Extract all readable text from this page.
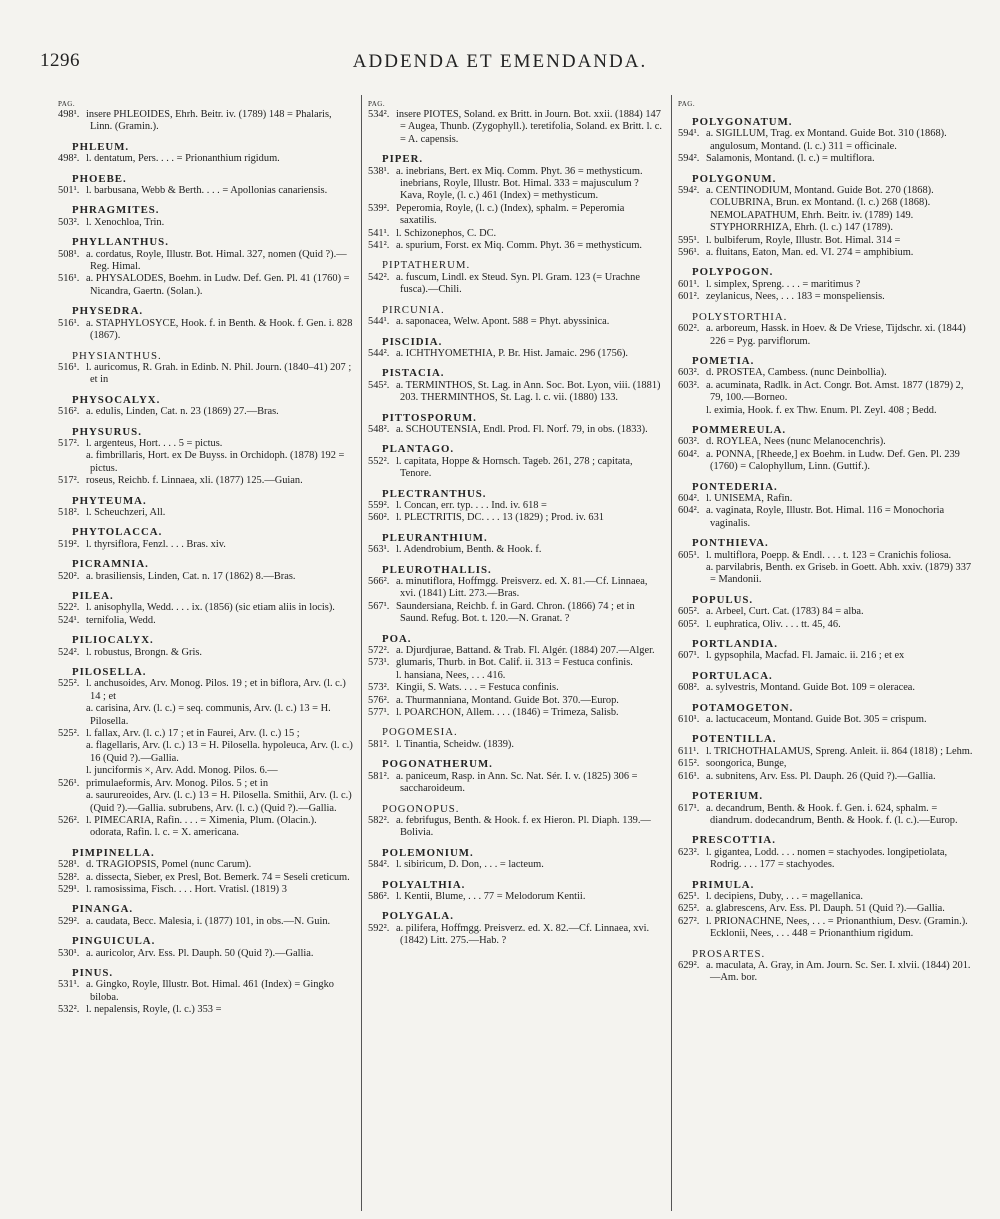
1296	ADDENDA ET EMENDANDA.
PAG.
498¹. insere PHLEOIDES, Ehrh. Beitr. iv. (1789) 148 = Phalaris, Linn. (Gramin.).
PHLEUM.
498². l. dentatum, Pers. . . . = Prionanthium rigidum.
PHOEBE.
501¹. l. barbusana, Webb & Berth. . . . = Apollonias canariensis.
PHRAGMITES.
503². l. Xenochloa, Trin.
PHYLLANTHUS.
508¹. a. cordatus, Royle, Illustr. Bot. Himal. 327, nomen (Quid ?).—Reg. Himal.
516¹. a. PHYSALODES, Boehm. in Ludw. Def. Gen. Pl. 41 (1760) = Nicandra, Gaertn. (Solan.).
PHYSEDRA.
516¹. a. STAPHYLOSYCE, Hook. f. in Benth. & Hook. f. Gen. i. 828 (1867).
PHYSIANTHUS.
516¹. l. auricomus, R. Grah. in Edinb. N. Phil. Journ. (1840–41) 207 ; et in
PHYSOCALYX.
516². a. edulis, Linden, Cat. n. 23 (1869) 27.—Bras.
PHYSURUS.
517². l. argenteus, Hort. . . . 5 = pictus.
a. fimbrillaris, Hort. ex De Buyss. in Orchidoph. (1878) 192 = pictus.
517². roseus, Reichb. f. Linnaea, xli. (1877) 125.—Guian.
PHYTEUMA.
518². l. Scheuchzeri, All.
PHYTOLACCA.
519². l. thyrsiflora, Fenzl. . . . Bras. xiv.
PICRAMNIA.
520². a. brasiliensis, Linden, Cat. n. 17 (1862) 8.—Bras.
PILEA.
522². l. anisophylla, Wedd. . . . ix. (1856) (sic etiam aliis in locis).
524¹. ternifolia, Wedd.
PILIOCALYX.
524². l. robustus, Brongn. & Gris.
PILOSELLA.
525². l. anchusoides, Arv. Monog. Pilos. 19 ; et in biflora, Arv. (l. c.) 14 ; et
a. carisina, Arv. (l. c.) = seq. communis, Arv. (l. c.) 13 = H. Pilosella.
525². l. fallax, Arv. (l. c.) 17 ; et in Faurei, Arv. (l. c.) 15 ;
a. flagellaris, Arv. (l. c.) 13 = H. Pilosella. hypoleuca, Arv. (l. c.) 16 (Quid ?).—Gallia.
l. junciformis ×, Arv. Add. Monog. Pilos. 6.—
526¹. primulaeformis, Arv. Monog. Pilos. 5 ; et in
a. saurureoides, Arv. (l. c.) 13 = H. Pilosella. Smithii, Arv. (l. c.) (Quid ?).—Gallia. subrubens, Arv. (l. c.) (Quid ?).—Gallia.
526². l. PIMECARIA, Rafin. . . . = Ximenia, Plum. (Olacin.). odorata, Rafin. l. c. = X. americana.
PIMPINELLA.
528¹. d. TRAGIOPSIS, Pomel (nunc Carum).
528². a. dissecta, Sieber, ex Presl, Bot. Bemerk. 74 = Seseli creticum.
529¹. l. ramosissima, Fisch. . . . Hort. Vratisl. (1819) 3
PINANGA.
529². a. caudata, Becc. Malesia, i. (1877) 101, in obs.—N. Guin.
PINGUICULA.
530¹. a. auricolor, Arv. Ess. Pl. Dauph. 50 (Quid ?).—Gallia.
PINUS.
531¹. a. Gingko, Royle, Illustr. Bot. Himal. 461 (Index) = Gingko biloba.
532². l. nepalensis, Royle, (l. c.) 353 =
PAG.
534². insere PIOTES, Soland. ex Britt. in Journ. Bot. xxii. (1884) 147 = Augea, Thunb. (Zygophyll.). teretifolia, Soland. ex Britt. l. c. = A. capensis.
PIPER.
538¹. a. inebrians, Bert. ex Miq. Comm. Phyt. 36 = methysticum. inebrians, Royle, Illustr. Bot. Himal. 333 = majusculum ? Kava, Royle, (l. c.) 461 (Index) = methysticum.
539². Peperomia, Royle, (l. c.) (Index), sphalm. = Peperomia saxatilis.
541¹. l. Schizonephos, C. DC.
541². a. spurium, Forst. ex Miq. Comm. Phyt. 36 = methysticum.
PIPTATHERUM.
542². a. fuscum, Lindl. ex Steud. Syn. Pl. Gram. 123 (= Urachne fusca).—Chili.
PIRCUNIA.
544¹. a. saponacea, Welw. Apont. 588 = Phyt. abyssinica.
PISCIDIA.
544². a. ICHTHYOMETHIA, P. Br. Hist. Jamaic. 296 (1756).
PISTACIA.
545². a. TERMINTHOS, St. Lag. in Ann. Soc. Bot. Lyon, viii. (1881) 203. THERMINTHOS, St. Lag. l. c. vii. (1880) 133.
PITTOSPORUM.
548². a. SCHOUTENSIA, Endl. Prod. Fl. Norf. 79, in obs. (1833).
PLANTAGO.
552². l. capitata, Hoppe & Hornsch. Tageb. 261, 278 ; capitata, Tenore.
PLECTRANTHUS.
559². l. Concan, err. typ. . . . Ind. iv. 618 =
560². l. PLECTRITIS, DC. . . . 13 (1829) ; Prod. iv. 631
PLEURANTHIUM.
563¹. l. Adendrobium, Benth. & Hook. f.
PLEUROTHALLIS.
566². a. minutiflora, Hoffmgg. Preisverz. ed. X. 81.—Cf. Linnaea, xvi. (1841) Litt. 273.—Bras.
567¹. Saundersiana, Reichb. f. in Gard. Chron. (1866) 74 ; et in Saund. Refug. Bot. t. 120.—N. Granat. ?
POA.
572². a. Djurdjurae, Battand. & Trab. Fl. Algér. (1884) 207.—Alger.
573¹. glumaris, Thurb. in Bot. Calif. ii. 313 = Festuca confinis.
l. hansiana, Nees, . . . 416.
573². Kingii, S. Wats. . . . = Festuca confinis.
576². a. Thurmanniana, Montand. Guide Bot. 370.—Europ.
577¹. l. POARCHON, Allem. . . . (1846) = Trimeza, Salisb.
POGOMESIA.
581². l. Tinantia, Scheidw. (1839).
POGONATHERUM.
581². a. paniceum, Rasp. in Ann. Sc. Nat. Sér. I. v. (1825) 306 = saccharoideum.
POGONOPUS.
582². a. febrifugus, Benth. & Hook. f. ex Hieron. Pl. Diaph. 139.—Bolivia.
POLEMONIUM.
584². l. sibiricum, D. Don, . . . = lacteum.
POLYALTHIA.
586². l. Kentii, Blume, . . . 77 = Melodorum Kentii.
POLYGALA.
592². a. pilifera, Hoffmgg. Preisverz. ed. X. 82.—Cf. Linnaea, xvi. (1842) Litt. 275.—Hab. ?
PAG.
POLYGONATUM.
594¹. a. SIGILLUM, Trag. ex Montand. Guide Bot. 310 (1868). angulosum, Montand. (l. c.) 311 = officinale.
594². Salamonis, Montand. (l. c.) = multiflora.
POLYGONUM.
594². a. CENTINODIUM, Montand. Guide Bot. 270 (1868). COLUBRINA, Brun. ex Montand. (l. c.) 268 (1868). NEMOLAPATHUM, Ehrh. Beitr. iv. (1789) 149. STYPHORRHIZA, Ehrh. (l. c.) 147 (1789).
595¹. l. bulbiferum, Royle, Illustr. Bot. Himal. 314 =
596¹. a. fluitans, Eaton, Man. ed. VI. 274 = amphibium.
POLYPOGON.
601¹. l. simplex, Spreng. . . . = maritimus ?
601². zeylanicus, Nees, . . . 183 = monspeliensis.
POLYSTORTHIA.
602². a. arboreum, Hassk. in Hoev. & De Vriese, Tijdschr. xi. (1844) 226 = Pyg. parviflorum.
POMETIA.
603². d. PROSTEA, Cambess. (nunc Deinbollia).
603². a. acuminata, Radlk. in Act. Congr. Bot. Amst. 1877 (1879) 2, 79, 100.—Borneo.
l. eximia, Hook. f. ex Thw. Enum. Pl. Zeyl. 408 ; Bedd.
POMMEREULA.
603². d. ROYLEA, Nees (nunc Melanocenchris).
604². a. PONNA, [Rheede,] ex Boehm. in Ludw. Def. Gen. Pl. 239 (1760) = Calophyllum, Linn. (Guttif.).
PONTEDERIA.
604². l. UNISEMA, Rafin.
604². a. vaginata, Royle, Illustr. Bot. Himal. 116 = Monochoria vaginalis.
PONTHIEVA.
605¹. l. multiflora, Poepp. & Endl. . . . t. 123 = Cranichis foliosa.
a. parvilabris, Benth. ex Griseb. in Goett. Abh. xxiv. (1879) 337 = Mandonii.
POPULUS.
605². a. Arbeel, Curt. Cat. (1783) 84 = alba.
605². l. euphratica, Oliv. . . . tt. 45, 46.
PORTLANDIA.
607¹. l. gypsophila, Macfad. Fl. Jamaic. ii. 216 ; et ex
PORTULACA.
608². a. sylvestris, Montand. Guide Bot. 109 = oleracea.
POTAMOGETON.
610¹. a. lactucaceum, Montand. Guide Bot. 305 = crispum.
POTENTILLA.
611¹. l. TRICHOTHALAMUS, Spreng. Anleit. ii. 864 (1818) ; Lehm.
615². soongorica, Bunge,
616¹. a. subnitens, Arv. Ess. Pl. Dauph. 26 (Quid ?).—Gallia.
POTERIUM.
617¹. a. decandrum, Benth. & Hook. f. Gen. i. 624, sphalm. = diandrum. dodecandrum, Benth. & Hook. f. (l. c.).—Europ.
PRESCOTTIA.
623². l. gigantea, Lodd. . . . nomen = stachyodes. longipetiolata, Rodrig. . . . 177 = stachyodes.
PRIMULA.
625¹. l. decipiens, Duby, . . . = magellanica.
625². a. glabrescens, Arv. Ess. Pl. Dauph. 51 (Quid ?).—Gallia.
627². l. PRIONACHNE, Nees, . . . = Prionanthium, Desv. (Gramin.). Ecklonii, Nees, . . . 448 = Prionanthium rigidum.
PROSARTES.
629². a. maculata, A. Gray, in Am. Journ. Sc. Ser. I. xlvii. (1844) 201.—Am. bor.
